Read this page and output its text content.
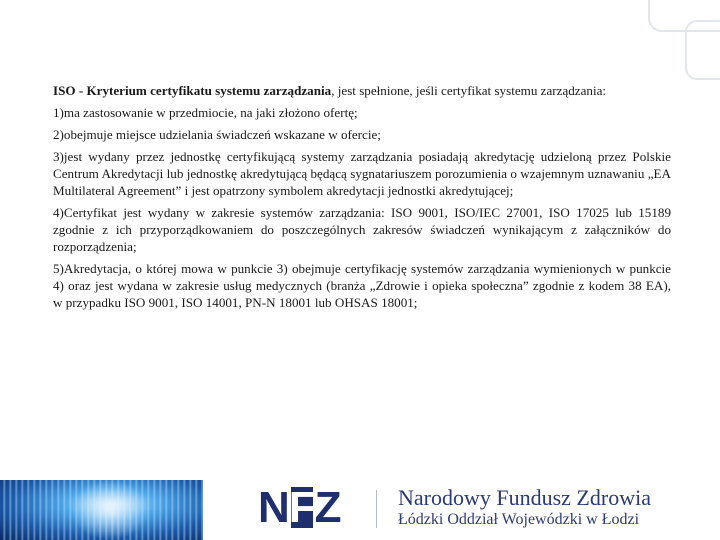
ISO - Kryterium certyfikatu systemu zarządzania, jest spełnione, jeśli certyfikat systemu zarządzania:

1)ma zastosowanie w przedmiocie, na jaki złożono ofertę;

2)obejmuje miejsce udzielania świadczeń wskazane w ofercie;

3)jest wydany przez jednostkę certyfikującą systemy zarządzania posiadają akredytację udzieloną przez Polskie Centrum Akredytacji lub jednostkę akredytującą będącą sygnatariuszem porozumienia o wzajemnym uznawaniu „EA Multilateral Agreement” i jest opatrzony symbolem akredytacji jednostki akredytującej;

4)Certyfikat jest wydany w zakresie systemów zarządzania: ISO 9001, ISO/IEC 27001, ISO 17025 lub 15189 zgodnie z ich przyporządkowaniem do poszczególnych zakresów świadczeń wynikającym z załączników do rozporządzenia;

5)Akredytacja, o której mowa w punkcie 3) obejmuje certyfikację systemów zarządzania wymienionych w punkcie 4) oraz jest wydana w zakresie usług medycznych (branża „Zdrowie i opieka społeczna” zgodnie z kodem 38 EA),

w przypadku ISO 9001, ISO 14001, PN-N 18001 lub OHSAS 18001;

NFZ	Narodowy Fundusz Zdrowia
Łódzki Oddział Wojewódzki w Łodzi
